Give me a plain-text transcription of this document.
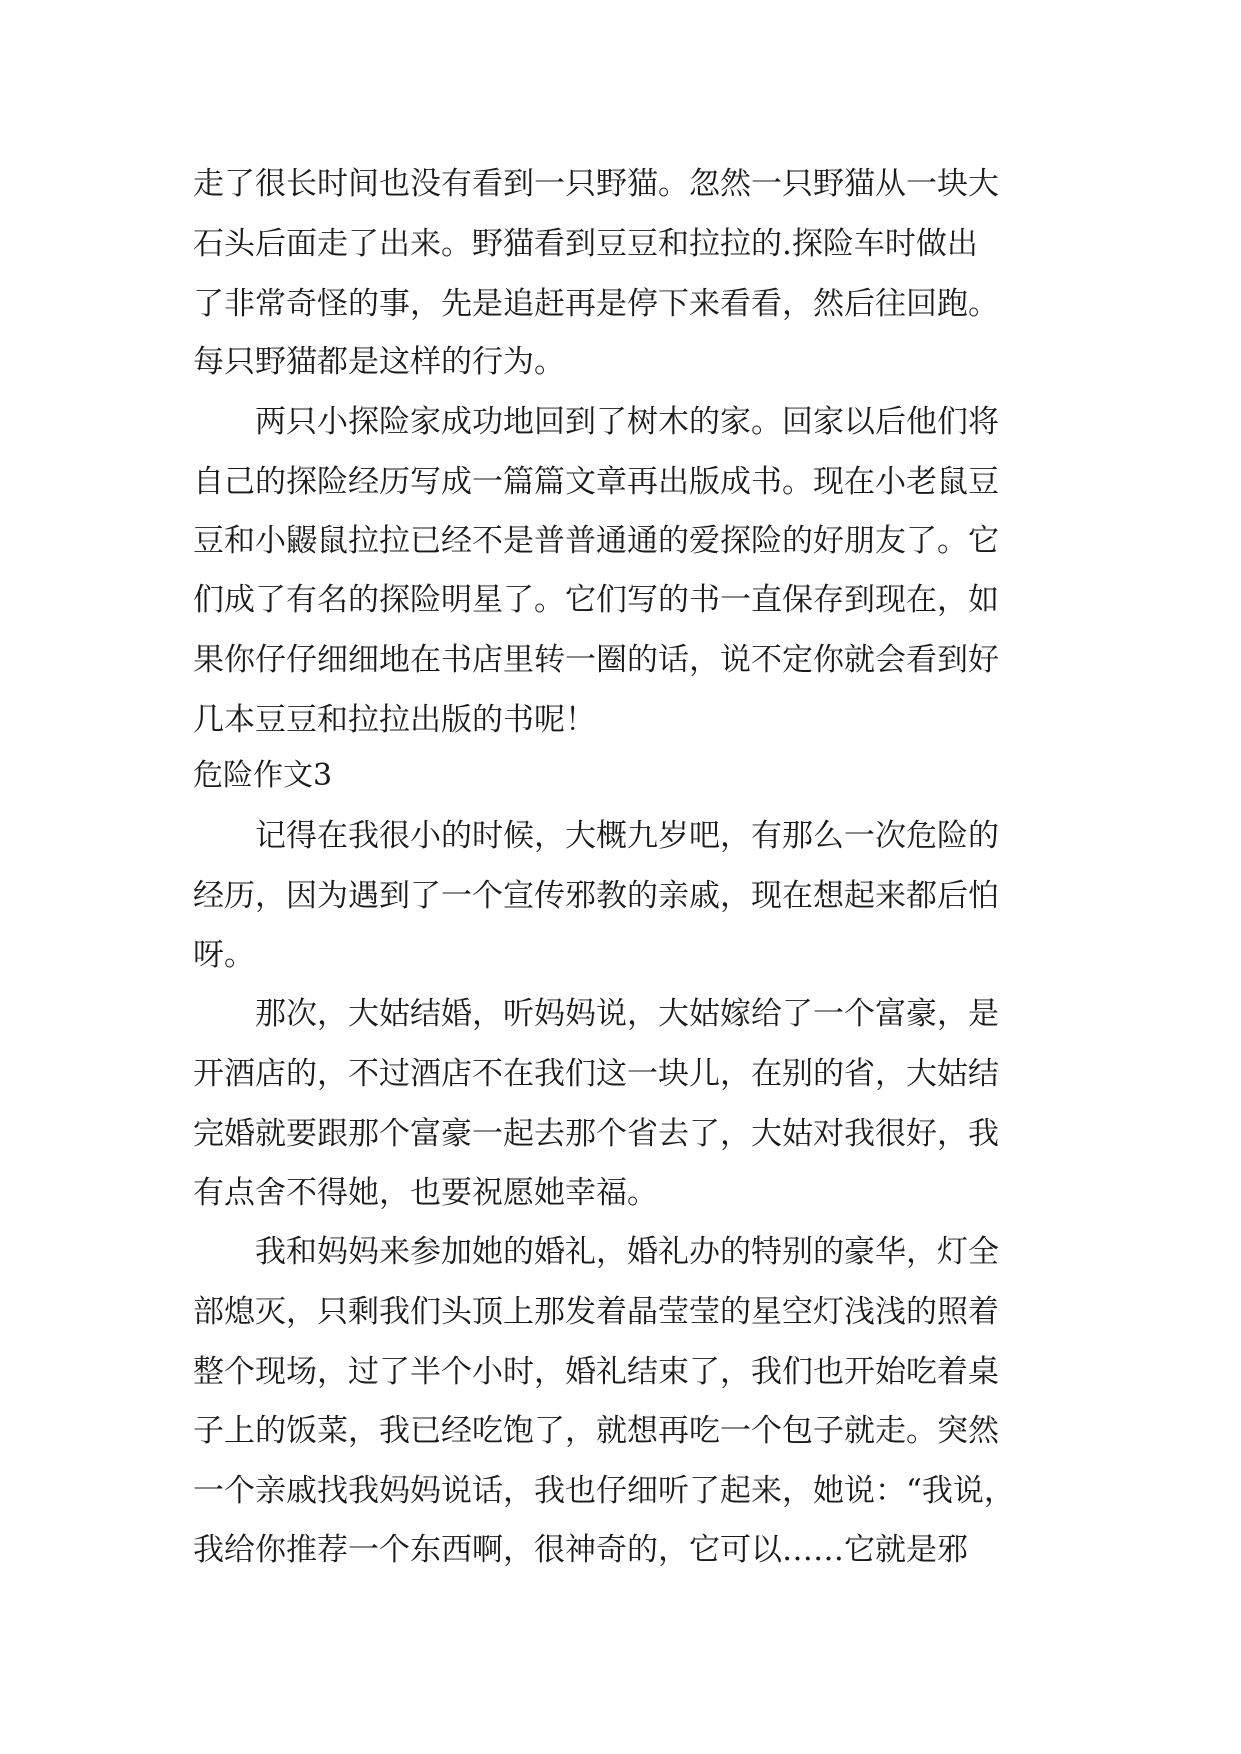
走了很长时间也没有看到一只野猫。忽然一只野猫从一块大
石头后面走了出来。野猫看到豆豆和拉拉的.探险车时做出
了非常奇怪的事，先是追赶再是停下来看看，然后往回跑。
每只野猫都是这样的行为。
两只小探险家成功地回到了树木的家。回家以后他们将
自己的探险经历写成一篇篇文章再出版成书。现在小老鼠豆
豆和小鼹鼠拉拉已经不是普普通通的爱探险的好朋友了。它
们成了有名的探险明星了。它们写的书一直保存到现在，如
果你仔仔细细地在书店里转一圈的话，说不定你就会看到好
几本豆豆和拉拉出版的书呢！
危险作文3
记得在我很小的时候，大概九岁吧，有那么一次危险的
经历，因为遇到了一个宣传邪教的亲戚，现在想起来都后怕
呀。
那次，大姑结婚，听妈妈说，大姑嫁给了一个富豪，是
开酒店的，不过酒店不在我们这一块儿，在别的省，大姑结
完婚就要跟那个富豪一起去那个省去了，大姑对我很好，我
有点舍不得她，也要祝愿她幸福。
我和妈妈来参加她的婚礼，婚礼办的特别的豪华，灯全
部熄灭，只剩我们头顶上那发着晶莹莹的星空灯浅浅的照着
整个现场，过了半个小时，婚礼结束了，我们也开始吃着桌
子上的饭菜，我已经吃饱了，就想再吃一个包子就走。突然
一个亲戚找我妈妈说话，我也仔细听了起来，她说：“我说，
我给你推荐一个东西啊，很神奇的，它可以……它就是邪
